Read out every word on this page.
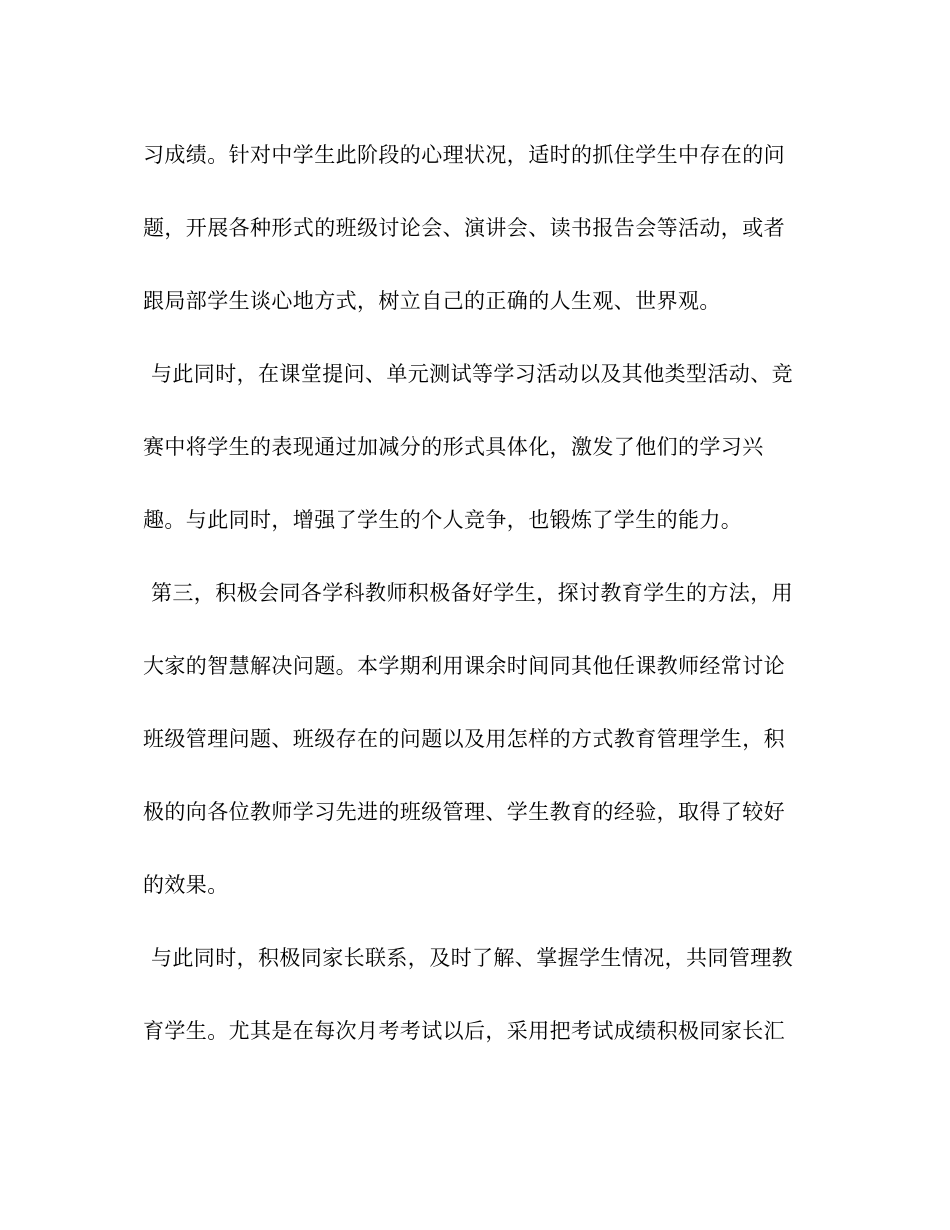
习成绩。针对中学生此阶段的心理状况，适时的抓住学生中存在的问
题，开展各种形式的班级讨论会、演讲会、读书报告会等活动，或者
跟局部学生谈心地方式，树立自己的正确的人生观、世界观。
与此同时，在课堂提问、单元测试等学习活动以及其他类型活动、竞
赛中将学生的表现通过加减分的形式具体化，激发了他们的学习兴
趣。与此同时，增强了学生的个人竞争，也锻炼了学生的能力。
第三，积极会同各学科教师积极备好学生，探讨教育学生的方法，用
大家的智慧解决问题。本学期利用课余时间同其他任课教师经常讨论
班级管理问题、班级存在的问题以及用怎样的方式教育管理学生，积
极的向各位教师学习先进的班级管理、学生教育的经验，取得了较好
的效果。
与此同时，积极同家长联系，及时了解、掌握学生情况，共同管理教
育学生。尤其是在每次月考考试以后，采用把考试成绩积极同家长汇
